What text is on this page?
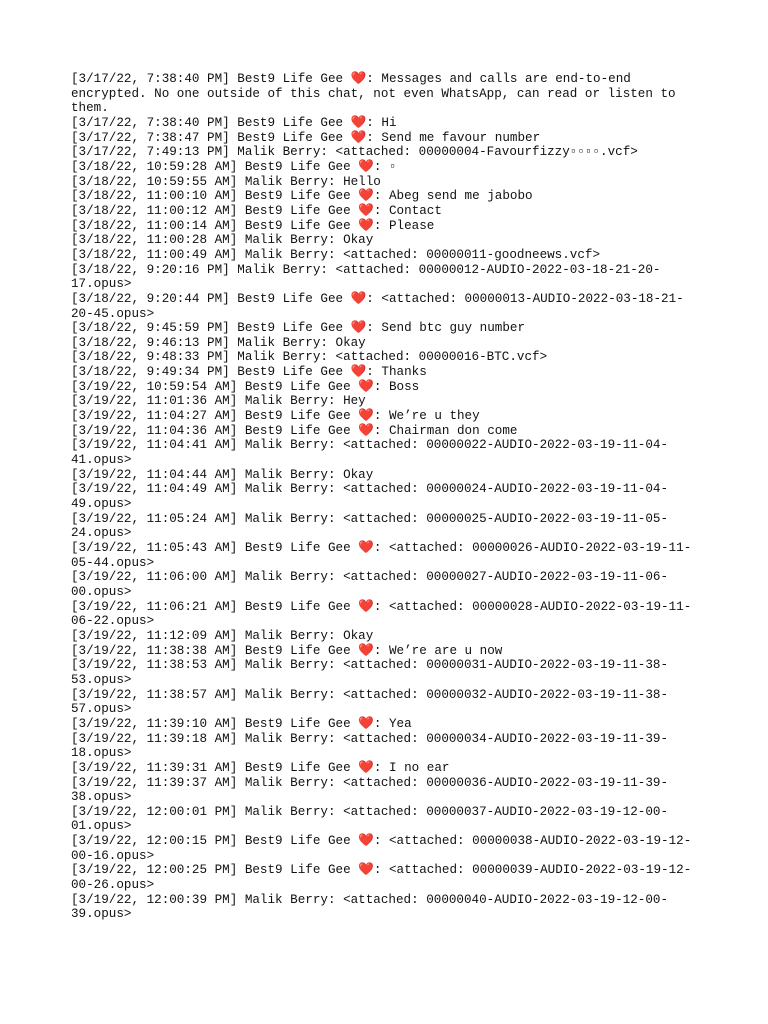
[3/17/22, 7:38:40 PM] Best9 Life Gee ❤️: Messages and calls are end-to-end encrypted. No one outside of this chat, not even WhatsApp, can read or listen to them.
[3/17/22, 7:38:40 PM] Best9 Life Gee ❤️: Hi
[3/17/22, 7:38:47 PM] Best9 Life Gee ❤️: Send me favour number
[3/17/22, 7:49:13 PM] Malik Berry: <attached: 00000004-Favourfizzy▫▫▫▫.vcf>
[3/18/22, 10:59:28 AM] Best9 Life Gee ❤️: ▫
[3/18/22, 10:59:55 AM] Malik Berry: Hello
[3/18/22, 11:00:10 AM] Best9 Life Gee ❤️: Abeg send me jabobo
[3/18/22, 11:00:12 AM] Best9 Life Gee ❤️: Contact
[3/18/22, 11:00:14 AM] Best9 Life Gee ❤️: Please
[3/18/22, 11:00:28 AM] Malik Berry: Okay
[3/18/22, 11:00:49 AM] Malik Berry: <attached: 00000011-goodneews.vcf>
[3/18/22, 9:20:16 PM] Malik Berry: <attached: 00000012-AUDIO-2022-03-18-21-20-17.opus>
[3/18/22, 9:20:44 PM] Best9 Life Gee ❤️: <attached: 00000013-AUDIO-2022-03-18-21-20-45.opus>
[3/18/22, 9:45:59 PM] Best9 Life Gee ❤️: Send btc guy number
[3/18/22, 9:46:13 PM] Malik Berry: Okay
[3/18/22, 9:48:33 PM] Malik Berry: <attached: 00000016-BTC.vcf>
[3/18/22, 9:49:34 PM] Best9 Life Gee ❤️: Thanks
[3/19/22, 10:59:54 AM] Best9 Life Gee ❤️: Boss
[3/19/22, 11:01:36 AM] Malik Berry: Hey
[3/19/22, 11:04:27 AM] Best9 Life Gee ❤️: We’re u they
[3/19/22, 11:04:36 AM] Best9 Life Gee ❤️: Chairman don come
[3/19/22, 11:04:41 AM] Malik Berry: <attached: 00000022-AUDIO-2022-03-19-11-04-41.opus>
[3/19/22, 11:04:44 AM] Malik Berry: Okay
[3/19/22, 11:04:49 AM] Malik Berry: <attached: 00000024-AUDIO-2022-03-19-11-04-49.opus>
[3/19/22, 11:05:24 AM] Malik Berry: <attached: 00000025-AUDIO-2022-03-19-11-05-24.opus>
[3/19/22, 11:05:43 AM] Best9 Life Gee ❤️: <attached: 00000026-AUDIO-2022-03-19-11-05-44.opus>
[3/19/22, 11:06:00 AM] Malik Berry: <attached: 00000027-AUDIO-2022-03-19-11-06-00.opus>
[3/19/22, 11:06:21 AM] Best9 Life Gee ❤️: <attached: 00000028-AUDIO-2022-03-19-11-06-22.opus>
[3/19/22, 11:12:09 AM] Malik Berry: Okay
[3/19/22, 11:38:38 AM] Best9 Life Gee ❤️: We’re are u now
[3/19/22, 11:38:53 AM] Malik Berry: <attached: 00000031-AUDIO-2022-03-19-11-38-53.opus>
[3/19/22, 11:38:57 AM] Malik Berry: <attached: 00000032-AUDIO-2022-03-19-11-38-57.opus>
[3/19/22, 11:39:10 AM] Best9 Life Gee ❤️: Yea
[3/19/22, 11:39:18 AM] Malik Berry: <attached: 00000034-AUDIO-2022-03-19-11-39-18.opus>
[3/19/22, 11:39:31 AM] Best9 Life Gee ❤️: I no ear
[3/19/22, 11:39:37 AM] Malik Berry: <attached: 00000036-AUDIO-2022-03-19-11-39-38.opus>
[3/19/22, 12:00:01 PM] Malik Berry: <attached: 00000037-AUDIO-2022-03-19-12-00-01.opus>
[3/19/22, 12:00:15 PM] Best9 Life Gee ❤️: <attached: 00000038-AUDIO-2022-03-19-12-00-16.opus>
[3/19/22, 12:00:25 PM] Best9 Life Gee ❤️: <attached: 00000039-AUDIO-2022-03-19-12-00-26.opus>
[3/19/22, 12:00:39 PM] Malik Berry: <attached: 00000040-AUDIO-2022-03-19-12-00-39.opus>
